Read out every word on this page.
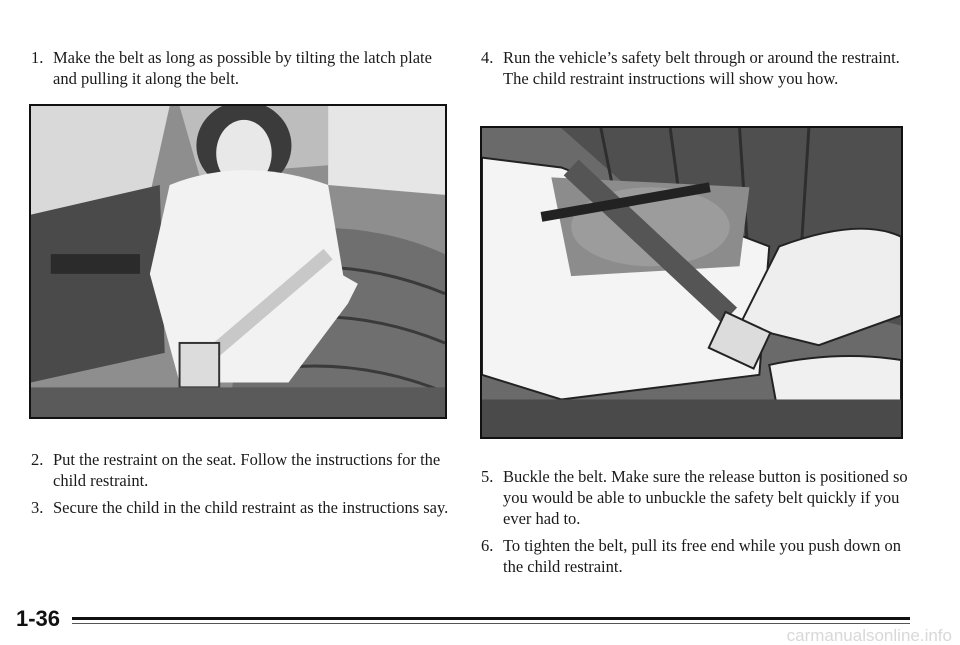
1. Make the belt as long as possible by tilting the latch plate and pulling it along the belt.
ProCarManuals.com
2. Put the restraint on the seat. Follow the instructions for the child restraint.
3. Secure the child in the child restraint as the instructions say.
4. Run the vehicle’s safety belt through or around the restraint. The child restraint instructions will show you how.
5. Buckle the belt. Make sure the release button is positioned so you would be able to unbuckle the safety belt quickly if you ever had to.
6. To tighten the belt, pull its free end while you push down on the child restraint.
1-36
carmanualsonline.info
